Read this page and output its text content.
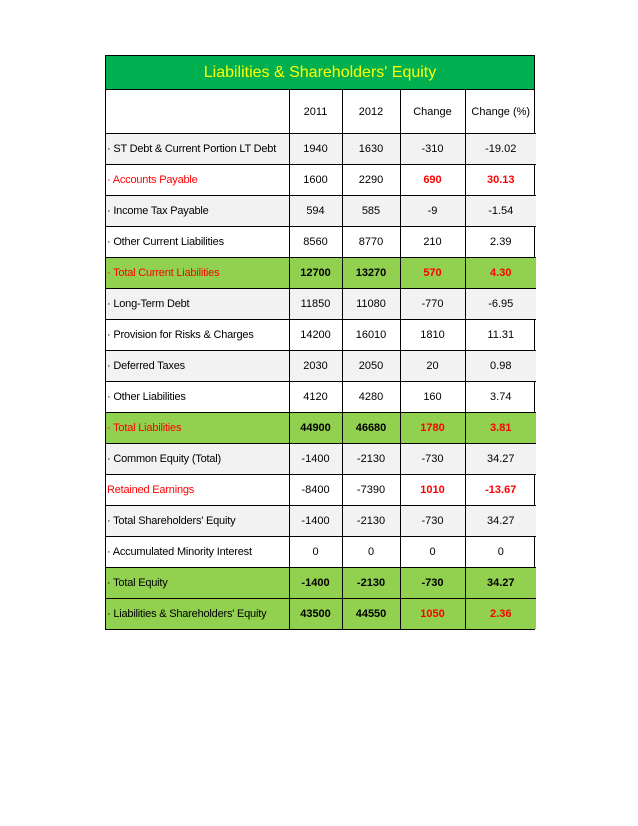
Liabilities & Shareholders' Equity
	2011	2012	Change	Change (%)
· ST Debt & Current Portion LT Debt	1940	1630	-310	-19.02
· Accounts Payable	1600	2290	690	30.13
· Income Tax Payable	594	585	-9	-1.54
· Other Current Liabilities	8560	8770	210	2.39
· Total Current Liabilities	12700	13270	570	4.30
· Long-Term Debt	11850	11080	-770	-6.95
· Provision for Risks & Charges	14200	16010	1810	11.31
· Deferred Taxes	2030	2050	20	0.98
· Other Liabilities	4120	4280	160	3.74
· Total Liabilities	44900	46680	1780	3.81
· Common Equity (Total)	-1400	-2130	-730	34.27
Retained Earnings	-8400	-7390	1010	-13.67
· Total Shareholders' Equity	-1400	-2130	-730	34.27
· Accumulated Minority Interest	0	0	0	0
· Total Equity	-1400	-2130	-730	34.27
· Liabilities & Shareholders' Equity	43500	44550	1050	2.36
